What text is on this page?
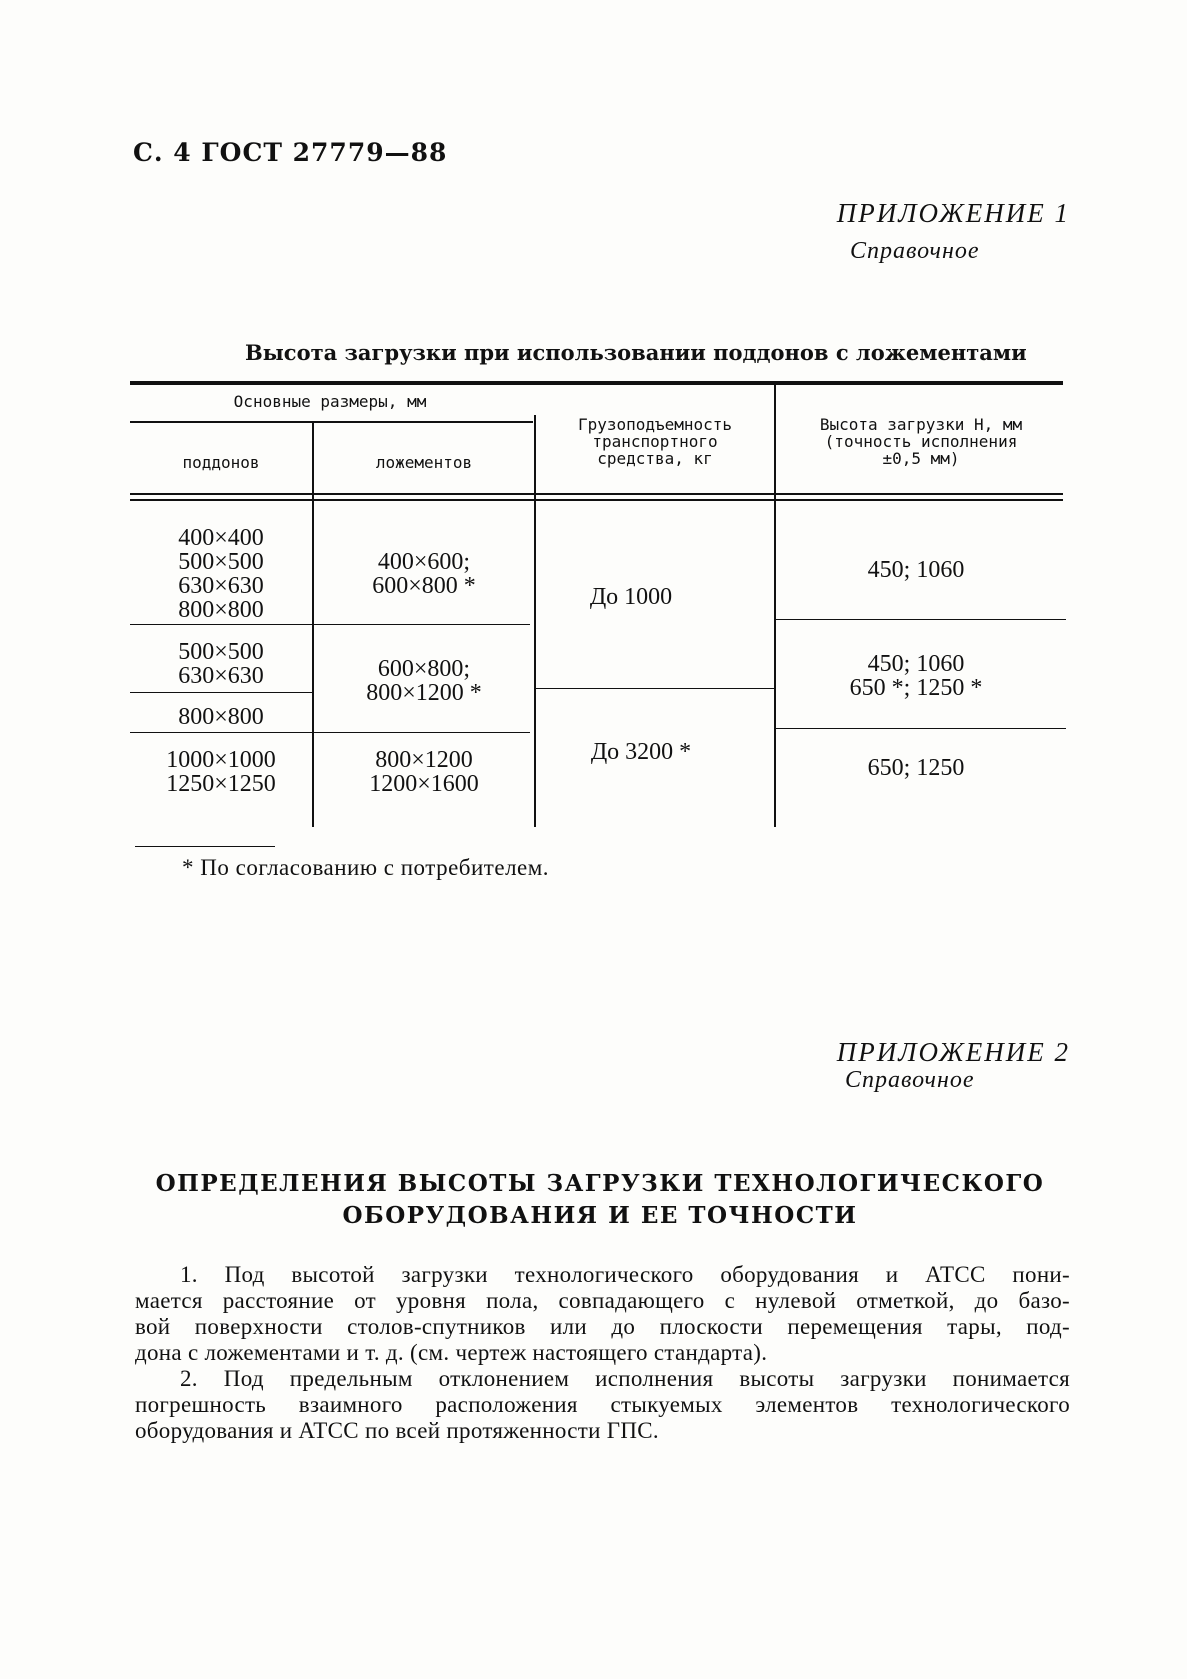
С. 4 ГОСТ 27779—88
ПРИЛОЖЕНИЕ 1
Справочное
Высота загрузки при использовании поддонов с ложементами
Основные размеры, мм
поддонов	ложементов
Грузоподъемность
транспортного
средства, кг
Высота загрузки H, мм
(точность исполнения
±0,5 мм)
400×400
500×500
630×630
800×800
500×500
630×630
800×800
1000×1000
1250×1250
400×600;
600×800 *
600×800;
800×1200 *
800×1200
1200×1600
До 1000
До 3200 *
450; 1060
450; 1060
650 *; 1250 *
650; 1250
* По согласованию с потребителем.
ПРИЛОЖЕНИЕ 2
Справочное
ОПРЕДЕЛЕНИЯ ВЫСОТЫ ЗАГРУЗКИ ТЕХНОЛОГИЧЕСКОГО
ОБОРУДОВАНИЯ И ЕЕ ТОЧНОСТИ
1. Под высотой загрузки технологического оборудования и АТСС пони-
мается расстояние от уровня пола, совпадающего с нулевой отметкой, до базо-
вой поверхности столов-спутников или до плоскости перемещения тары, под-
дона с ложементами и т. д. (см. чертеж настоящего стандарта).
2. Под предельным отклонением исполнения высоты загрузки понимается
погрешность взаимного расположения стыкуемых элементов технологического
оборудования и АТСС по всей протяженности ГПС.
